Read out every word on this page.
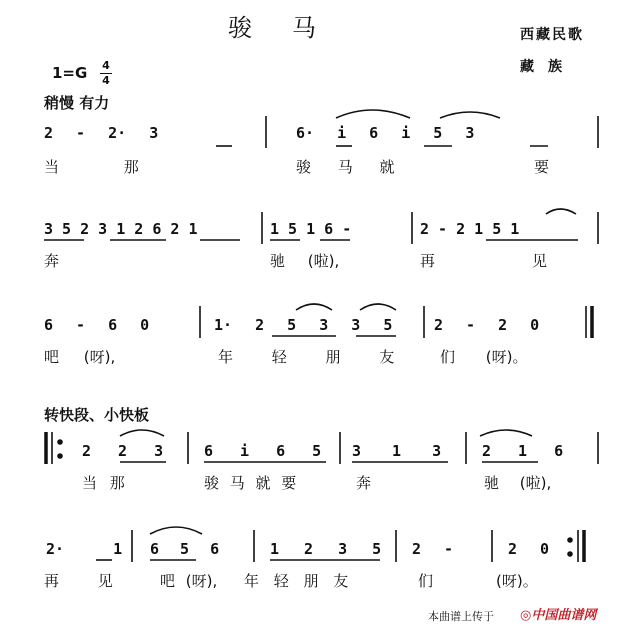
骏马	西藏民歌
藏族
1=G 4
4
稍慢 有力
2 - 2· 3	6· i 6 i 5 3
当 那	骏 马 就	要
3 5 2 3 1 2 6 2 1	1 5 1 6 -	2 - 2 1 5 1
奔	驰 (啦),	再	见
6 - 6 0	1· 2 5 3 3 5	2 - 2 0
吧 (呀),	年 轻 朋 友	们 (呀)。
转快段、小快板
2 2 3	6 i 6 5 3 1 3	2 1 6
当 那	骏 马 就 要	奔	驰 (啦),
2· 1 6 5 6	1 2 3 5 2 -	2 0
再 见	吧 (呀), 年 轻 朋 友	们	(呀)。
本曲谱上传于 ◎中国曲谱网
